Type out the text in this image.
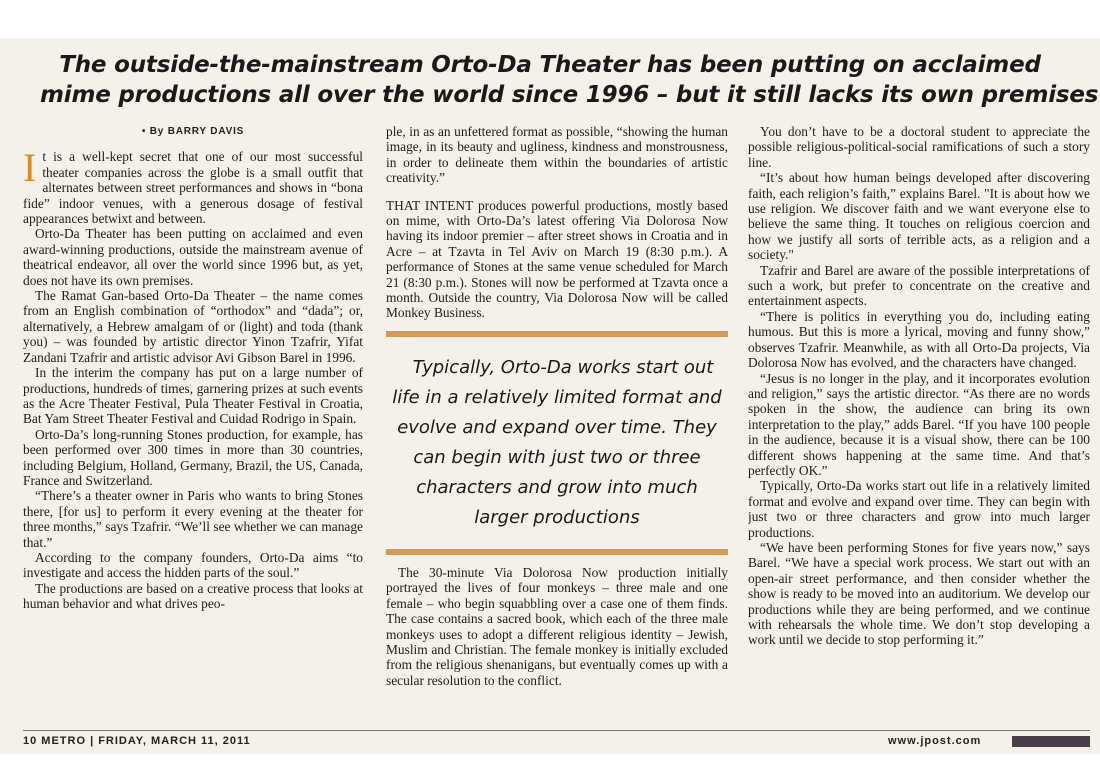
The outside-the-mainstream Orto-Da Theater has been putting on acclaimed
mime productions all over the world since 1996 – but it still lacks its own premises
• By BARRY DAVIS

It is a well-kept secret that one of our most successful theater companies across the globe is a small outfit that alternates between street performances and shows in “bona fide” indoor venues, with a generous dosage of festival appearances betwixt and between.

Orto-Da Theater has been putting on acclaimed and even award-winning productions, outside the mainstream avenue of theatrical endeavor, all over the world since 1996 but, as yet, does not have its own premises.

The Ramat Gan-based Orto-Da Theater – the name comes from an English combination of “orthodox” and “dada”; or, alternatively, a Hebrew amalgam of or (light) and toda (thank you) – was founded by artistic director Yinon Tzafrir, Yifat Zandani Tzafrir and artistic advisor Avi Gibson Barel in 1996.

In the interim the company has put on a large number of productions, hundreds of times, garnering prizes at such events as the Acre Theater Festival, Pula Theater Festival in Croatia, Bat Yam Street Theater Festival and Cuidad Rodrigo in Spain.

Orto-Da’s long-running Stones production, for example, has been performed over 300 times in more than 30 countries, including Belgium, Holland, Germany, Brazil, the US, Canada, France and Switzerland.

“There’s a theater owner in Paris who wants to bring Stones there, [for us] to perform it every evening at the theater for three months,” says Tzafrir. “We’ll see whether we can manage that.”

According to the company founders, Orto-Da aims “to investigate and access the hidden parts of the soul.”

The productions are based on a creative process that looks at human behavior and what drives peo-

ple, in as an unfettered format as possible, “showing the human image, in its beauty and ugliness, kindness and monstrousness, in order to delineate them within the boundaries of artistic creativity.”

THAT INTENT produces powerful productions, mostly based on mime, with Orto-Da’s latest offering Via Dolorosa Now having its indoor premier – after street shows in Croatia and in Acre – at Tzavta in Tel Aviv on March 19 (8:30 p.m.). A performance of Stones at the same venue scheduled for March 21 (8:30 p.m.). Stones will now be performed at Tzavta once a month. Outside the country, Via Dolorosa Now will be called Monkey Business.

Typically, Orto-Da works start out life in a relatively limited format and evolve and expand over time. They can begin with just two or three characters and grow into much larger productions

The 30-minute Via Dolorosa Now production initially portrayed the lives of four monkeys – three male and one female – who begin squabbling over a case one of them finds. The case contains a sacred book, which each of the three male monkeys uses to adopt a different religious identity – Jewish, Muslim and Christian. The female monkey is initially excluded from the religious shenanigans, but eventually comes up with a secular resolution to the conflict.

You don’t have to be a doctoral student to appreciate the possible religious-political-social ramifications of such a story line.

“It’s about how human beings developed after discovering faith, each religion’s faith,” explains Barel. "It is about how we use religion. We discover faith and we want everyone else to believe the same thing. It touches on religious coercion and how we justify all sorts of terrible acts, as a religion and a society."

Tzafrir and Barel are aware of the possible interpretations of such a work, but prefer to concentrate on the creative and entertainment aspects.

“There is politics in everything you do, including eating humous. But this is more a lyrical, moving and funny show,” observes Tzafrir. Meanwhile, as with all Orto-Da projects, Via Dolorosa Now has evolved, and the characters have changed.

“Jesus is no longer in the play, and it incorporates evolution and religion,” says the artistic director. “As there are no words spoken in the show, the audience can bring its own interpretation to the play,” adds Barel. “If you have 100 people in the audience, because it is a visual show, there can be 100 different shows happening at the same time. And that’s perfectly OK.”

Typically, Orto-Da works start out life in a relatively limited format and evolve and expand over time. They can begin with just two or three characters and grow into much larger productions.

“We have been performing Stones for five years now,” says Barel. “We have a special work process. We start out with an open-air street performance, and then consider whether the show is ready to be moved into an auditorium. We develop our productions while they are being performed, and we continue with rehearsals the whole time. We don’t stop developing a work until we decide to stop performing it.”

10 METRO | FRIDAY, MARCH 11, 2011	www.jpost.com
